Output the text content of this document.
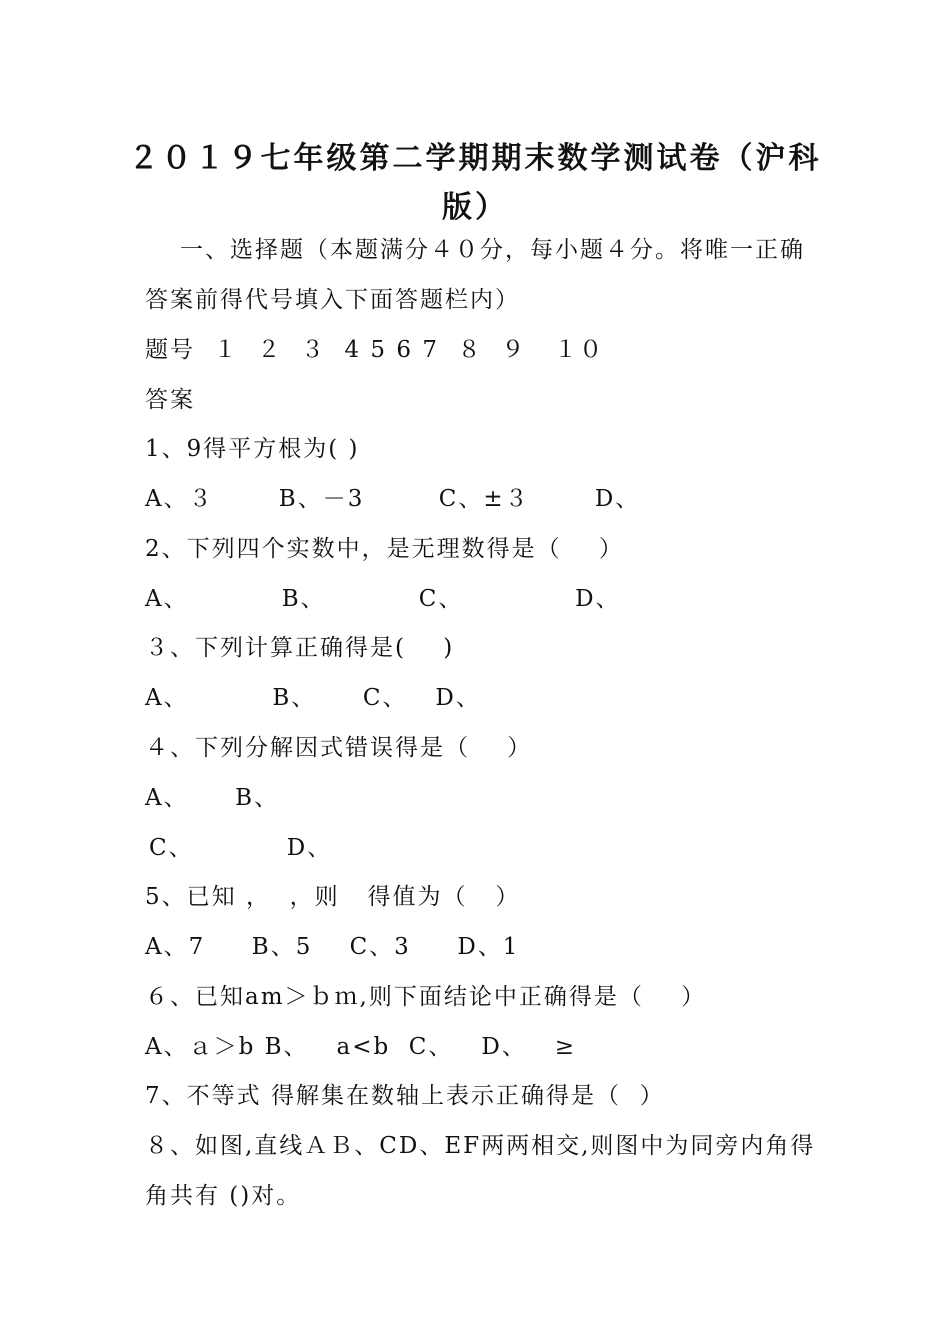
２０１９七年级第二学期期末数学测试卷（沪科
版）
一、选择题（本题满分４０分，每小题４分。将唯一正确
答案前得代号填入下面答题栏内）
题号  １  ２  ３  4 5 6 7  ８  ９   １０
答案
1、9得平方根为( )
A、３       B、－3        C、±３       D、
2、下列四个实数中，是无理数得是（    ）
A、          B、          C、            D、
３、下列计算正确得是(    )
A、         B、     C、   D、
４、下列分解因式错误得是（    ）
A、     B、
C、          D、
5、已知 ，  ，则   得值为（   ）
A、7     B、5    C、3     D、1
６、已知am＞ｂｍ,则下面结论中正确得是（    ）
A、ａ＞b B、   a<b  C、   D、   ≥
7、不等式 得解集在数轴上表示正确得是（  ）
８、如图,直线ＡＢ、CD、EF两两相交,则图中为同旁内角得
角共有 ()对。
